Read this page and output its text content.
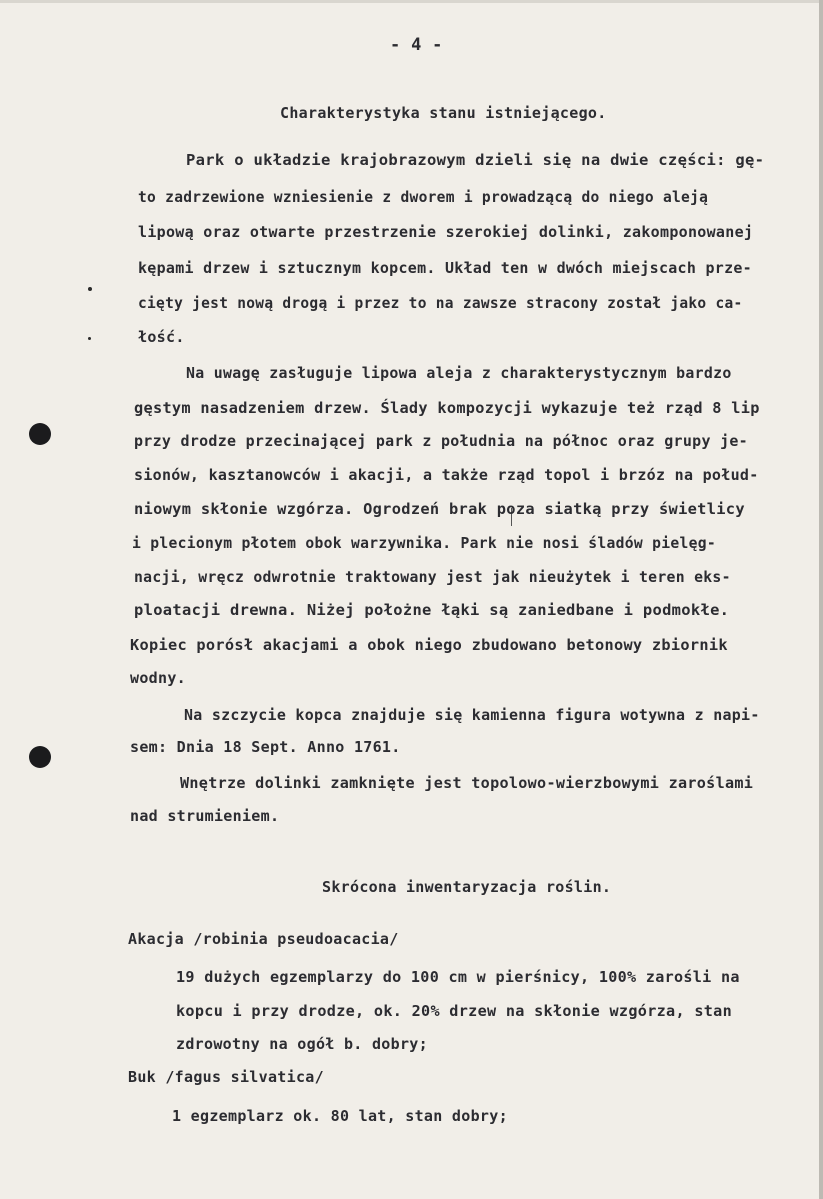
- 4 -
Charakterystyka stanu istniejącego.
Park o układzie krajobrazowym dzieli się na dwie części: gę-
to zadrzewione wzniesienie z dworem i prowadzącą do niego aleją
lipową oraz otwarte przestrzenie szerokiej dolinki, zakomponowanej
kępami drzew i sztucznym kopcem. Układ ten w dwóch miejscach prze-
cięty jest nową drogą i przez to na zawsze stracony został jako ca-
łość.
Na uwagę zasługuje lipowa aleja z charakterystycznym bardzo
gęstym nasadzeniem drzew. Ślady kompozycji wykazuje też rząd 8 lip
przy drodze przecinającej park z południa na północ oraz grupy je-
sionów, kasztanowców i akacji, a także rząd topol i brzóz na połud-
niowym skłonie wzgórza. Ogrodzeń brak poza siatką przy świetlicy
i plecionym płotem obok warzywnika. Park nie nosi śladów pielęg-
nacji, wręcz odwrotnie traktowany jest jak nieużytek i teren eks-
ploatacji drewna. Niżej położne łąki są zaniedbane i podmokłe.
Kopiec porósł akacjami a obok niego zbudowano betonowy zbiornik
wodny.
Na szczycie kopca znajduje się kamienna figura wotywna z napi-
sem: Dnia 18 Sept. Anno 1761.
Wnętrze dolinki zamknięte jest topolowo-wierzbowymi zaroślami
nad strumieniem.
Skrócona inwentaryzacja roślin.
Akacja /robinia pseudoacacia/
19 dużych egzemplarzy do 100 cm w pierśnicy, 100% zarośli na
kopcu i przy drodze, ok. 20% drzew na skłonie wzgórza, stan
zdrowotny na ogół b. dobry;
Buk /fagus silvatica/
1 egzemplarz ok. 80 lat, stan dobry;
